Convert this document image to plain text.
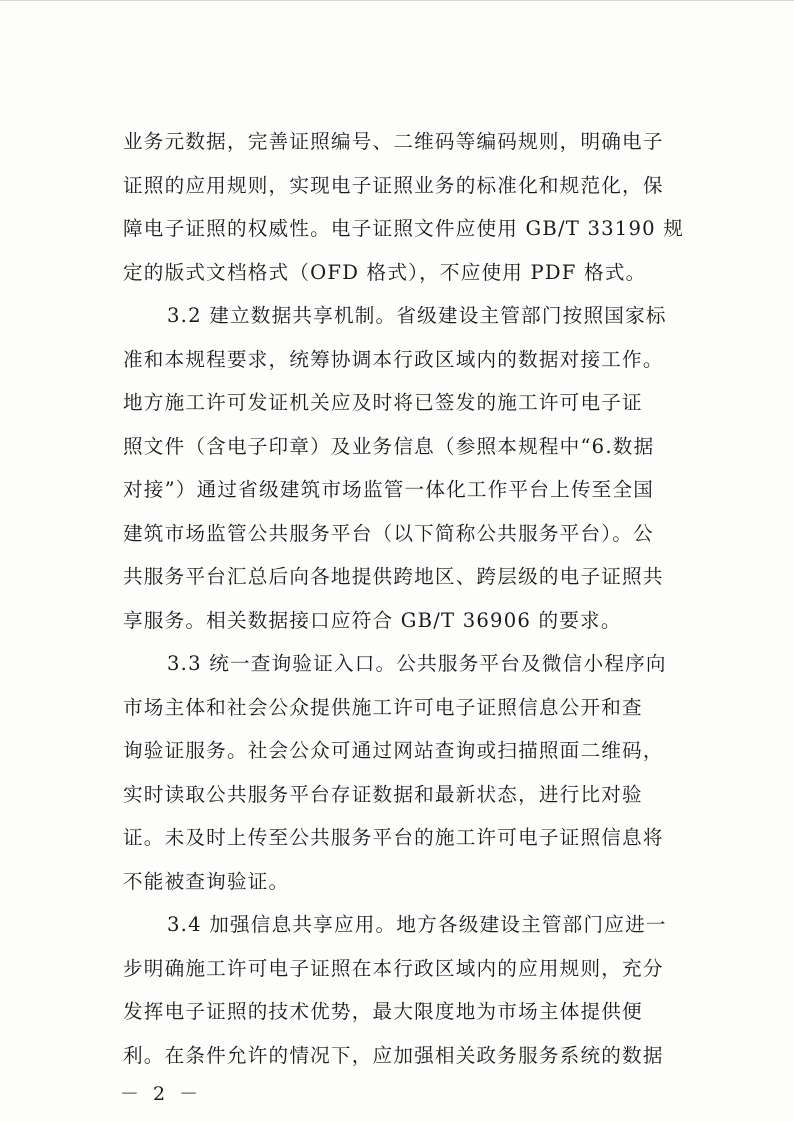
业务元数据，完善证照编号、二维码等编码规则，明确电子
证照的应用规则，实现电子证照业务的标准化和规范化，保
障电子证照的权威性。电子证照文件应使用 GB/T 33190 规
定的版式文档格式（OFD 格式），不应使用 PDF 格式。
3.2 建立数据共享机制。省级建设主管部门按照国家标
准和本规程要求，统筹协调本行政区域内的数据对接工作。
地方施工许可发证机关应及时将已签发的施工许可电子证
照文件（含电子印章）及业务信息（参照本规程中“6.数据
对接”）通过省级建筑市场监管一体化工作平台上传至全国
建筑市场监管公共服务平台（以下简称公共服务平台）。公
共服务平台汇总后向各地提供跨地区、跨层级的电子证照共
享服务。相关数据接口应符合 GB/T 36906 的要求。
3.3 统一查询验证入口。公共服务平台及微信小程序向
市场主体和社会公众提供施工许可电子证照信息公开和查
询验证服务。社会公众可通过网站查询或扫描照面二维码，
实时读取公共服务平台存证数据和最新状态，进行比对验
证。未及时上传至公共服务平台的施工许可电子证照信息将
不能被查询验证。
3.4 加强信息共享应用。地方各级建设主管部门应进一
步明确施工许可电子证照在本行政区域内的应用规则，充分
发挥电子证照的技术优势，最大限度地为市场主体提供便
利。在条件允许的情况下，应加强相关政务服务系统的数据
－ 2 －
